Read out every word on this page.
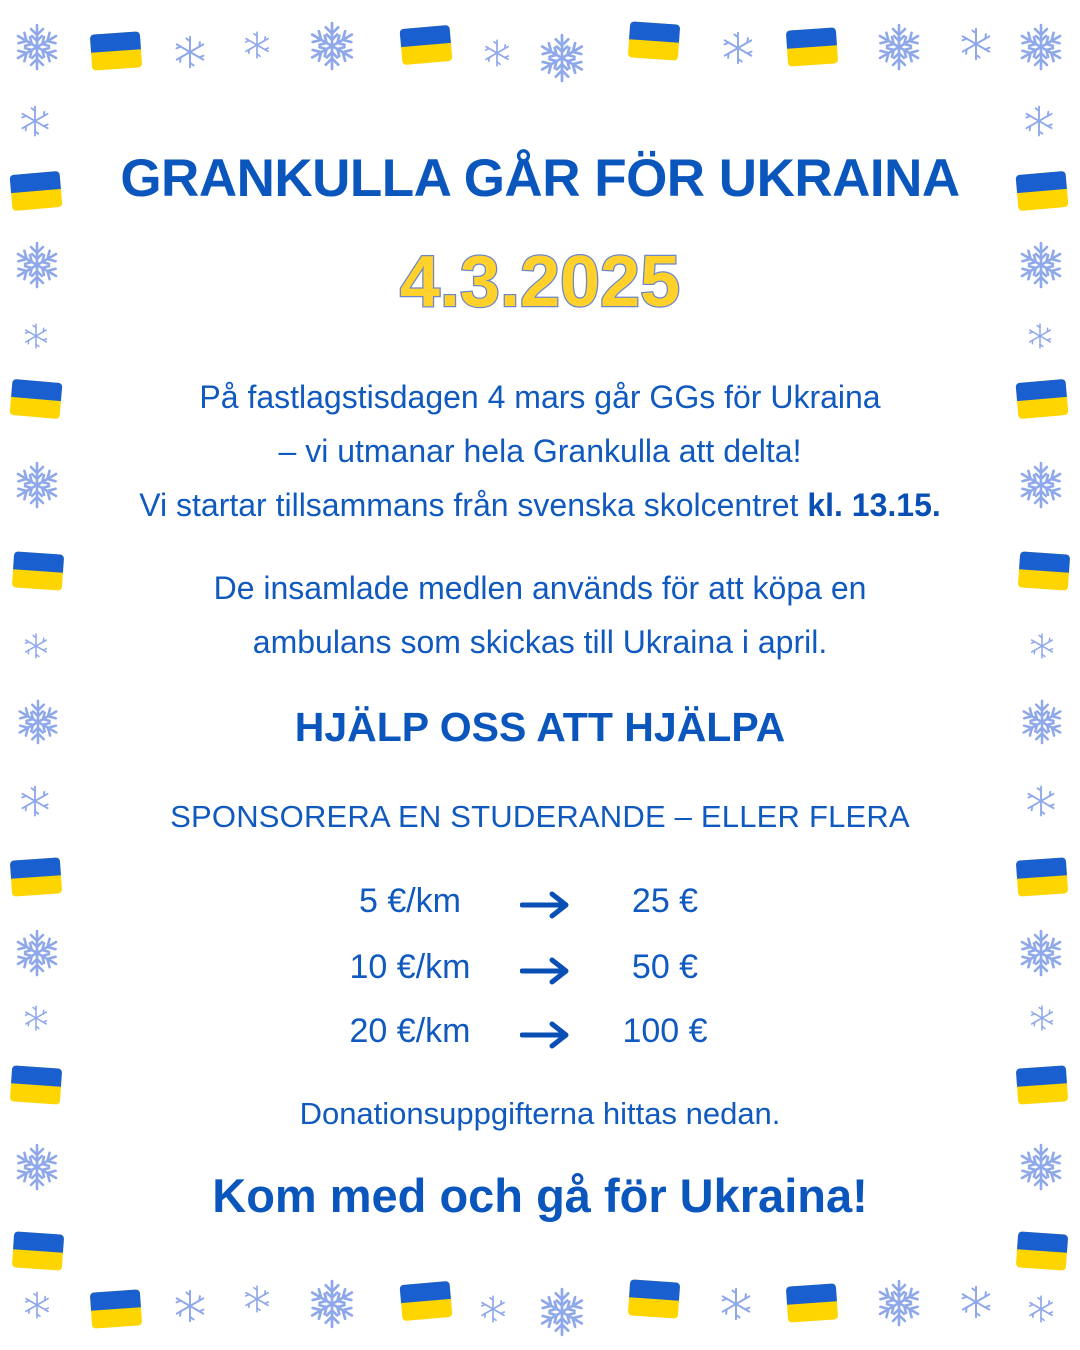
GRANKULLA GÅR FÖR UKRAINA
4.3.2025
På fastlagstisdagen 4 mars går GGs för Ukraina
– vi utmanar hela Grankulla att delta!
Vi startar tillsammans från svenska skolcentret kl. 13.15.
De insamlade medlen används för att köpa en
ambulans som skickas till Ukraina i april.
HJÄLP OSS ATT HJÄLPA
SPONSORERA EN STUDERANDE – ELLER FLERA
5 €/km	25 €
10 €/km	50 €
20 €/km	100 €
Donationsuppgifterna hittas nedan.
Kom med och gå för Ukraina!
